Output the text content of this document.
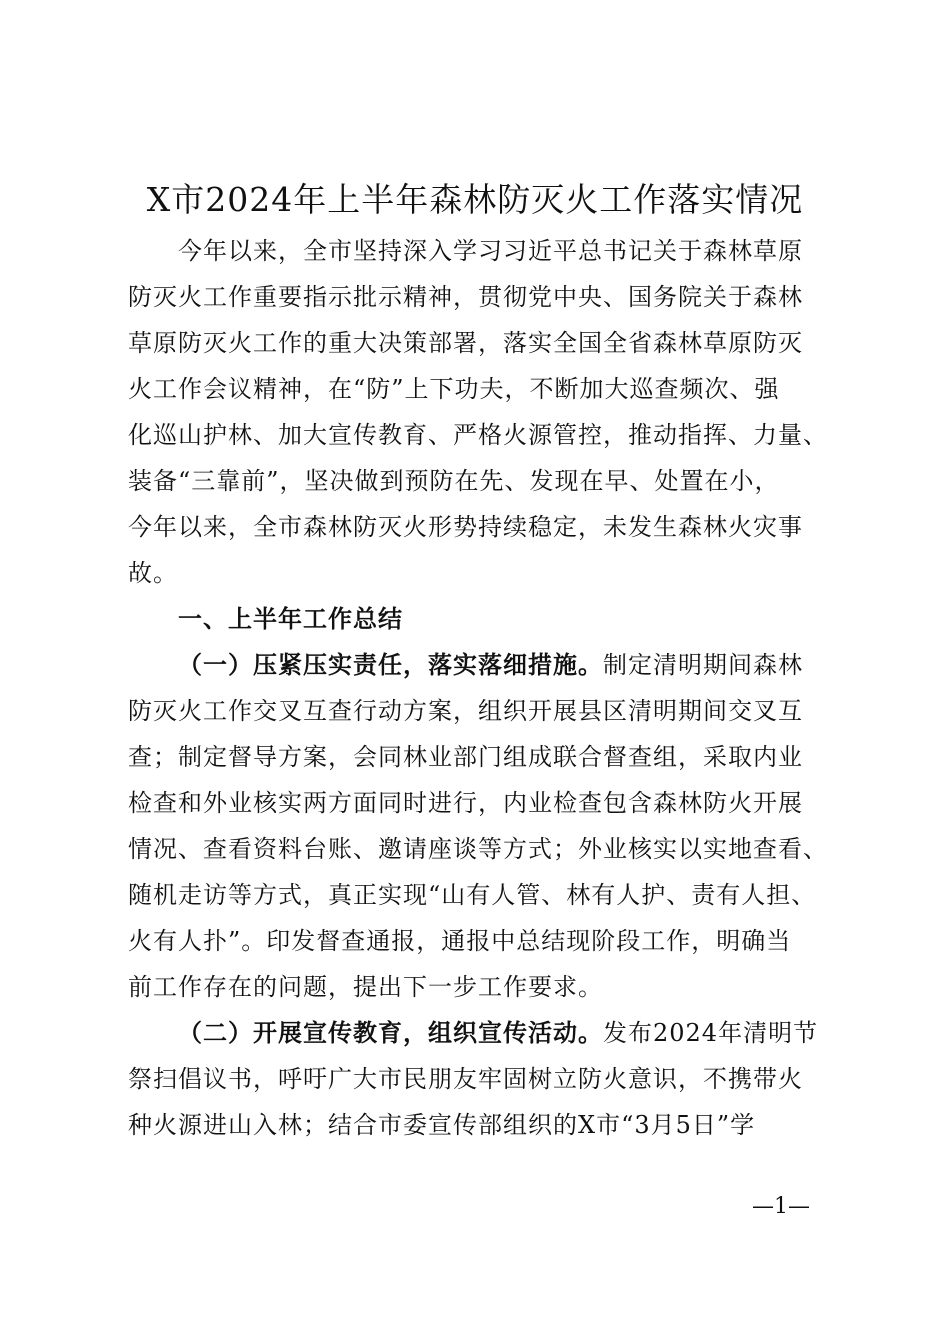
X市2024年上半年森林防灭火工作落实情况
今年以来，全市坚持深入学习习近平总书记关于森林草原
防灭火工作重要指示批示精神，贯彻党中央、国务院关于森林
草原防灭火工作的重大决策部署，落实全国全省森林草原防灭
火工作会议精神，在“防”上下功夫，不断加大巡查频次、强
化巡山护林、加大宣传教育、严格火源管控，推动指挥、力量、
装备“三靠前”，坚决做到预防在先、发现在早、处置在小，
今年以来，全市森林防灭火形势持续稳定，未发生森林火灾事
故。
一、上半年工作总结
（一）压紧压实责任，落实落细措施。制定清明期间森林
防灭火工作交叉互查行动方案，组织开展县区清明期间交叉互
查；制定督导方案，会同林业部门组成联合督查组，采取内业
检查和外业核实两方面同时进行，内业检查包含森林防火开展
情况、查看资料台账、邀请座谈等方式；外业核实以实地查看、
随机走访等方式，真正实现“山有人管、林有人护、责有人担、
火有人扑”。印发督查通报，通报中总结现阶段工作，明确当
前工作存在的问题，提出下一步工作要求。
（二）开展宣传教育，组织宣传活动。发布2024年清明节
祭扫倡议书，呼吁广大市民朋友牢固树立防火意识，不携带火
种火源进山入林；结合市委宣传部组织的X市“3月5日”学
—1—
